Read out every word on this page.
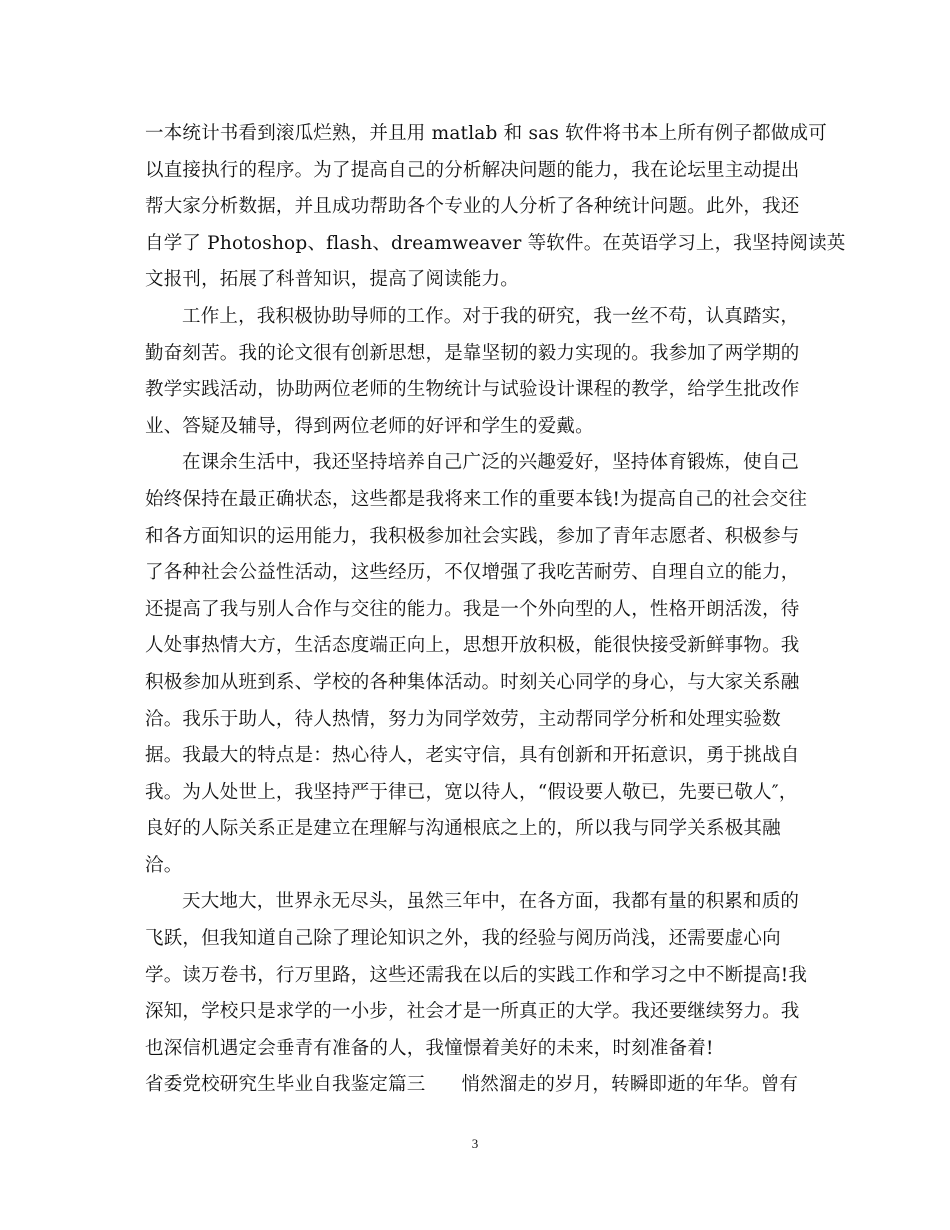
一本统计书看到滚瓜烂熟，并且用 matlab 和 sas 软件将书本上所有例子都做成可
以直接执行的程序。为了提高自己的分析解决问题的能力，我在论坛里主动提出
帮大家分析数据，并且成功帮助各个专业的人分析了各种统计问题。此外，我还
自学了 Photoshop、flash、dreamweaver 等软件。在英语学习上，我坚持阅读英
文报刊，拓展了科普知识，提高了阅读能力。
工作上，我积极协助导师的工作。对于我的研究，我一丝不苟，认真踏实，
勤奋刻苦。我的论文很有创新思想，是靠坚韧的毅力实现的。我参加了两学期的
教学实践活动，协助两位老师的生物统计与试验设计课程的教学，给学生批改作
业、答疑及辅导，得到两位老师的好评和学生的爱戴。
在课余生活中，我还坚持培养自己广泛的兴趣爱好，坚持体育锻炼，使自己
始终保持在最正确状态，这些都是我将来工作的重要本钱!为提高自己的社会交往
和各方面知识的运用能力，我积极参加社会实践，参加了青年志愿者、积极参与
了各种社会公益性活动，这些经历，不仅增强了我吃苦耐劳、自理自立的能力，
还提高了我与别人合作与交往的能力。我是一个外向型的人，性格开朗活泼，待
人处事热情大方，生活态度端正向上，思想开放积极，能很快接受新鲜事物。我
积极参加从班到系、学校的各种集体活动。时刻关心同学的身心，与大家关系融
洽。我乐于助人，待人热情，努力为同学效劳，主动帮同学分析和处理实验数
据。我最大的特点是：热心待人，老实守信，具有创新和开拓意识，勇于挑战自
我。为人处世上，我坚持严于律已，宽以待人，“假设要人敬已，先要已敬人″，
良好的人际关系正是建立在理解与沟通根底之上的，所以我与同学关系极其融
洽。
天大地大，世界永无尽头，虽然三年中，在各方面，我都有量的积累和质的
飞跃，但我知道自己除了理论知识之外，我的经验与阅历尚浅，还需要虚心向
学。读万卷书，行万里路，这些还需我在以后的实践工作和学习之中不断提高!我
深知，学校只是求学的一小步，社会才是一所真正的大学。我还要继续努力。我
也深信机遇定会垂青有准备的人，我憧憬着美好的未来，时刻准备着!
省委党校研究生毕业自我鉴定篇三 悄然溜走的岁月，转瞬即逝的年华。曾有
3
